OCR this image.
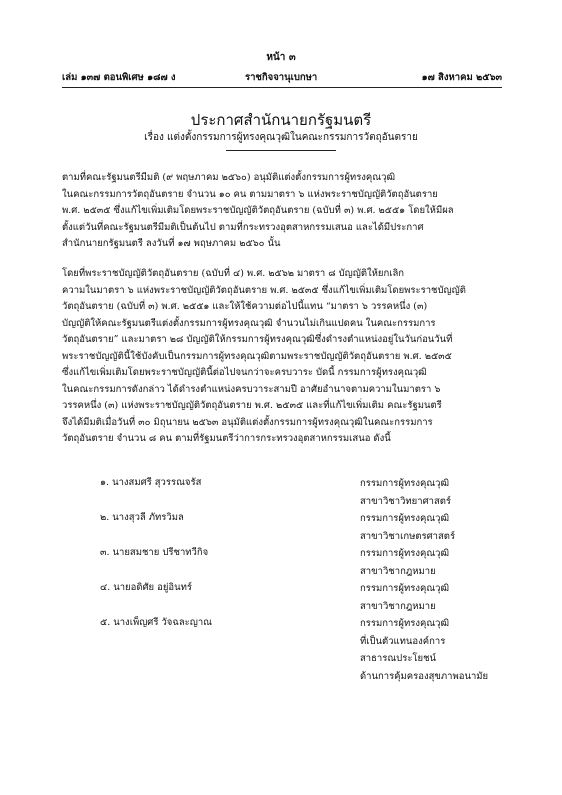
หน้า ๓
เล่ม ๑๓๗ ตอนพิเศษ ๑๘๗ ง	ราชกิจจานุเบกษา	๑๗ สิงหาคม ๒๕๖๓
ประกาศสำนักนายกรัฐมนตรี
เรื่อง แต่งตั้งกรรมการผู้ทรงคุณวุฒิในคณะกรรมการวัตถุอันตราย
ตามที่คณะรัฐมนตรีมีมติ (๙ พฤษภาคม ๒๕๖๐) อนุมัติแต่งตั้งกรรมการผู้ทรงคุณวุฒิ
ในคณะกรรมการวัตถุอันตราย จำนวน ๑๐ คน ตามมาตรา ๖ แห่งพระราชบัญญัติวัตถุอันตราย
พ.ศ. ๒๕๓๕ ซึ่งแก้ไขเพิ่มเติมโดยพระราชบัญญัติวัตถุอันตราย (ฉบับที่ ๓) พ.ศ. ๒๕๕๑ โดยให้มีผล
ตั้งแต่วันที่คณะรัฐมนตรีมีมติเป็นต้นไป ตามที่กระทรวงอุตสาหกรรมเสนอ และได้มีประกาศ
สำนักนายกรัฐมนตรี ลงวันที่ ๑๗ พฤษภาคม ๒๕๖๐ นั้น
โดยที่พระราชบัญญัติวัตถุอันตราย (ฉบับที่ ๔) พ.ศ. ๒๕๖๒ มาตรา ๘ บัญญัติให้ยกเลิก
ความในมาตรา ๖ แห่งพระราชบัญญัติวัตถุอันตราย พ.ศ. ๒๕๓๕ ซึ่งแก้ไขเพิ่มเติมโดยพระราชบัญญัติ
วัตถุอันตราย (ฉบับที่ ๓) พ.ศ. ๒๕๕๑ และให้ใช้ความต่อไปนี้แทน “มาตรา ๖ วรรคหนึ่ง (๓)
บัญญัติให้คณะรัฐมนตรีแต่งตั้งกรรมการผู้ทรงคุณวุฒิ จำนวนไม่เกินแปดคน ในคณะกรรมการ
วัตถุอันตราย” และมาตรา ๒๘ บัญญัติให้กรรมการผู้ทรงคุณวุฒิซึ่งดำรงตำแหน่งอยู่ในวันก่อนวันที่
พระราชบัญญัตินี้ใช้บังคับเป็นกรรมการผู้ทรงคุณวุฒิตามพระราชบัญญัติวัตถุอันตราย พ.ศ. ๒๕๓๕
ซึ่งแก้ไขเพิ่มเติมโดยพระราชบัญญัตินี้ต่อไปจนกว่าจะครบวาระ บัดนี้ กรรมการผู้ทรงคุณวุฒิ
ในคณะกรรมการดังกล่าว ได้ดำรงตำแหน่งครบวาระสามปี อาศัยอำนาจตามความในมาตรา ๖
วรรคหนึ่ง (๓) แห่งพระราชบัญญัติวัตถุอันตราย พ.ศ. ๒๕๓๕ และที่แก้ไขเพิ่มเติม คณะรัฐมนตรี
จึงได้มีมติเมื่อวันที่ ๓๐ มิถุนายน ๒๕๖๓ อนุมัติแต่งตั้งกรรมการผู้ทรงคุณวุฒิในคณะกรรมการ
วัตถุอันตราย จำนวน ๘ คน ตามที่รัฐมนตรีว่าการกระทรวงอุตสาหกรรมเสนอ ดังนี้
๑. นางสมศรี สุวรรณจรัส	กรรมการผู้ทรงคุณวุฒิ
สาขาวิชาวิทยาศาสตร์
๒. นางสุวลี ภัทรวิมล	กรรมการผู้ทรงคุณวุฒิ
สาขาวิชาเกษตรศาสตร์
๓. นายสมชาย ปรีชาทวีกิจ	กรรมการผู้ทรงคุณวุฒิ
สาขาวิชากฎหมาย
๔. นายอดิศัย อยู่อินทร์	กรรมการผู้ทรงคุณวุฒิ
สาขาวิชากฎหมาย
๕. นางเพ็ญศรี วัจฉละญาณ	กรรมการผู้ทรงคุณวุฒิ
ที่เป็นตัวแทนองค์การ
สาธารณประโยชน์
ด้านการคุ้มครองสุขภาพอนามัย
